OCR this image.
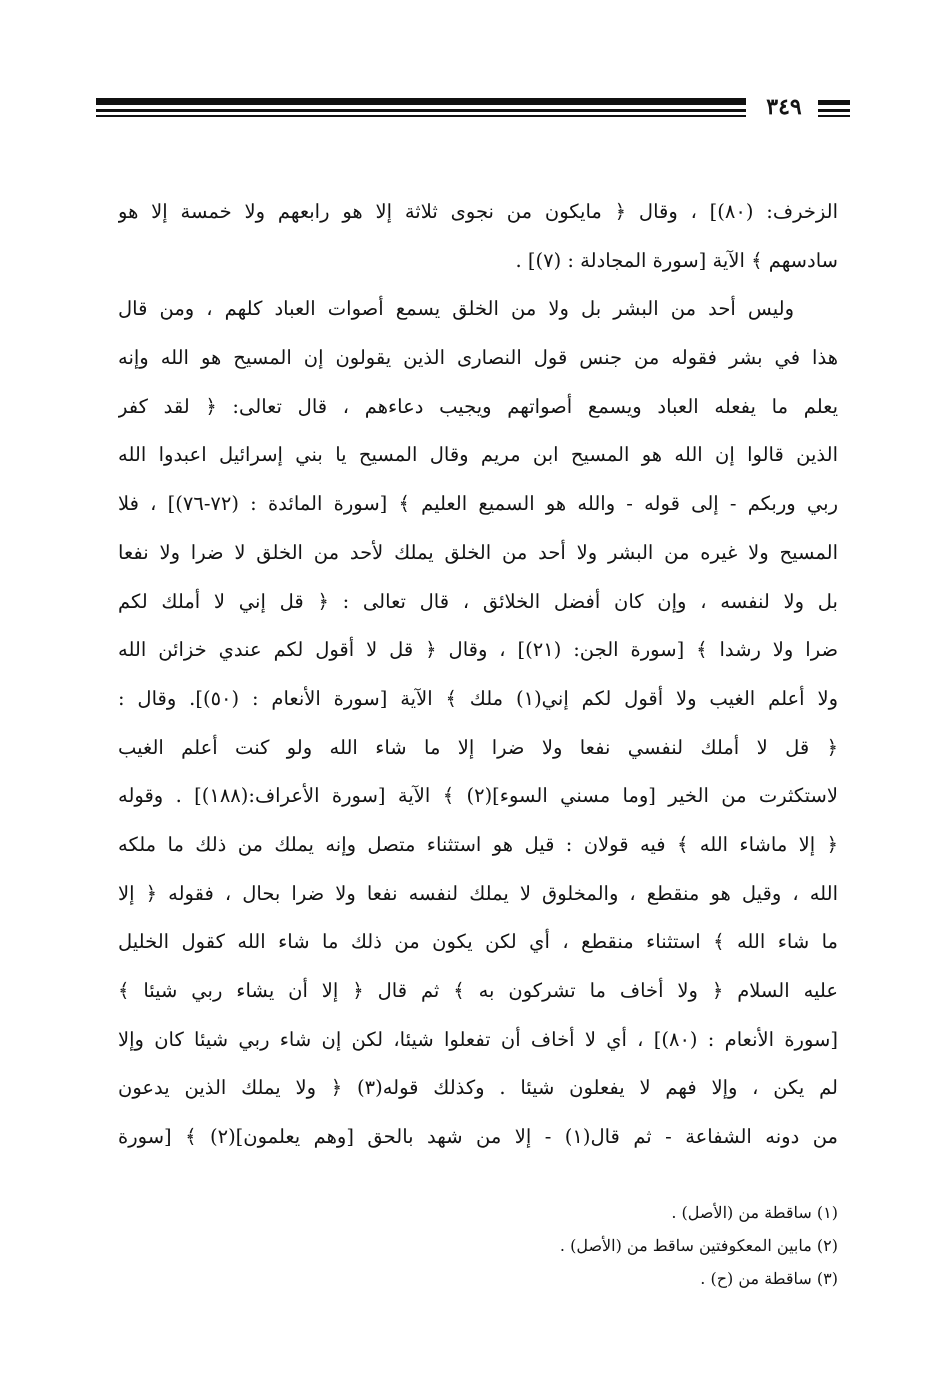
٣٤٩
الزخرف: (٨٠)] ، وقال ﴿ مايكون من نجوى ثلاثة إلا هو رابعهم ولا خمسة إلا هو
سادسهم ﴾ الآية [سورة المجادلة : (٧)] .
وليس أحد من البشر بل ولا من الخلق يسمع أصوات العباد كلهم ، ومن قال
هذا في بشر فقوله من جنس قول النصارى الذين يقولون إن المسيح هو الله وإنه
يعلم ما يفعله العباد ويسمع أصواتهم ويجيب دعاءهم ، قال تعالى: ﴿ لقد كفر
الذين قالوا إن الله هو المسيح ابن مريم وقال المسيح يا بني إسرائيل اعبدوا الله
ربي وربكم - إلى قوله - والله هو السميع العليم ﴾ [سورة المائدة : (٧٢-٧٦)] ، فلا
المسيح ولا غيره من البشر ولا أحد من الخلق يملك لأحد من الخلق لا ضرا ولا نفعا
بل ولا لنفسه ، وإن كان أفضل الخلائق ، قال تعالى : ﴿ قل إني لا أملك لكم
ضرا ولا رشدا ﴾ [سورة الجن: (٢١)] ، وقال ﴿ قل لا أقول لكم عندي خزائن الله
ولا أعلم الغيب ولا أقول لكم إني(١) ملك ﴾ الآية [سورة الأنعام : (٥٠)]. وقال :
﴿ قل لا أملك لنفسي نفعا ولا ضرا إلا ما شاء الله ولو كنت أعلم الغيب
لاستكثرت من الخير [وما مسني السوء](٢) ﴾ الآية [سورة الأعراف:(١٨٨)] . وقوله
﴿ إلا ماشاء الله ﴾ فيه قولان : قيل هو استثناء متصل وإنه يملك من ذلك ما ملكه
الله ، وقيل هو منقطع ، والمخلوق لا يملك لنفسه نفعا ولا ضرا بحال ، فقوله ﴿ إلا
ما شاء الله ﴾ استثناء منقطع ، أي لكن يكون من ذلك ما شاء الله كقول الخليل
عليه السلام ﴿ ولا أخاف ما تشركون به ﴾ ثم قال ﴿ إلا أن يشاء ربي شيئا ﴾
[سورة الأنعام : (٨٠)] ، أي لا أخاف أن تفعلوا شيئا، لكن إن شاء ربي شيئا كان وإلا
لم يكن ، وإلا فهم لا يفعلون شيئا . وكذلك قوله(٣) ﴿ ولا يملك الذين يدعون
من دونه الشفاعة - ثم قال(١) - إلا من شهد بالحق [وهم يعلمون](٢) ﴾ [سورة
(١) ساقطة من (الأصل) .
(٢) مابين المعكوفتين ساقط من (الأصل) .
(٣) ساقطة من (ح) .
